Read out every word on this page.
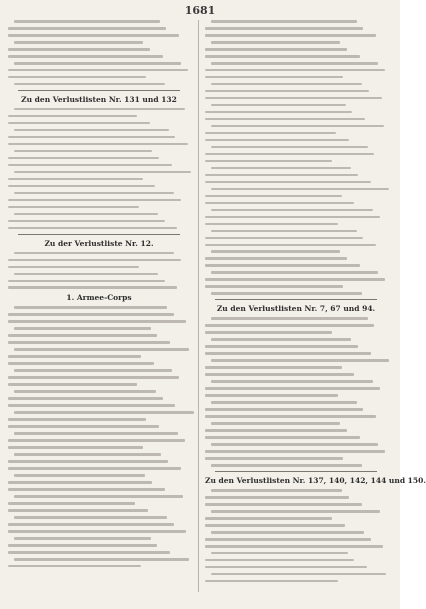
1681
Zu den Verlustlisten Nr. 131 und 132
Zu der Verlustliste Nr. 12.
1. Armee-Corps
Zu den Verlustlisten Nr. 7, 67 und 94.
Zu den Verlustlisten Nr. 137, 140, 142, 144 und 150.
